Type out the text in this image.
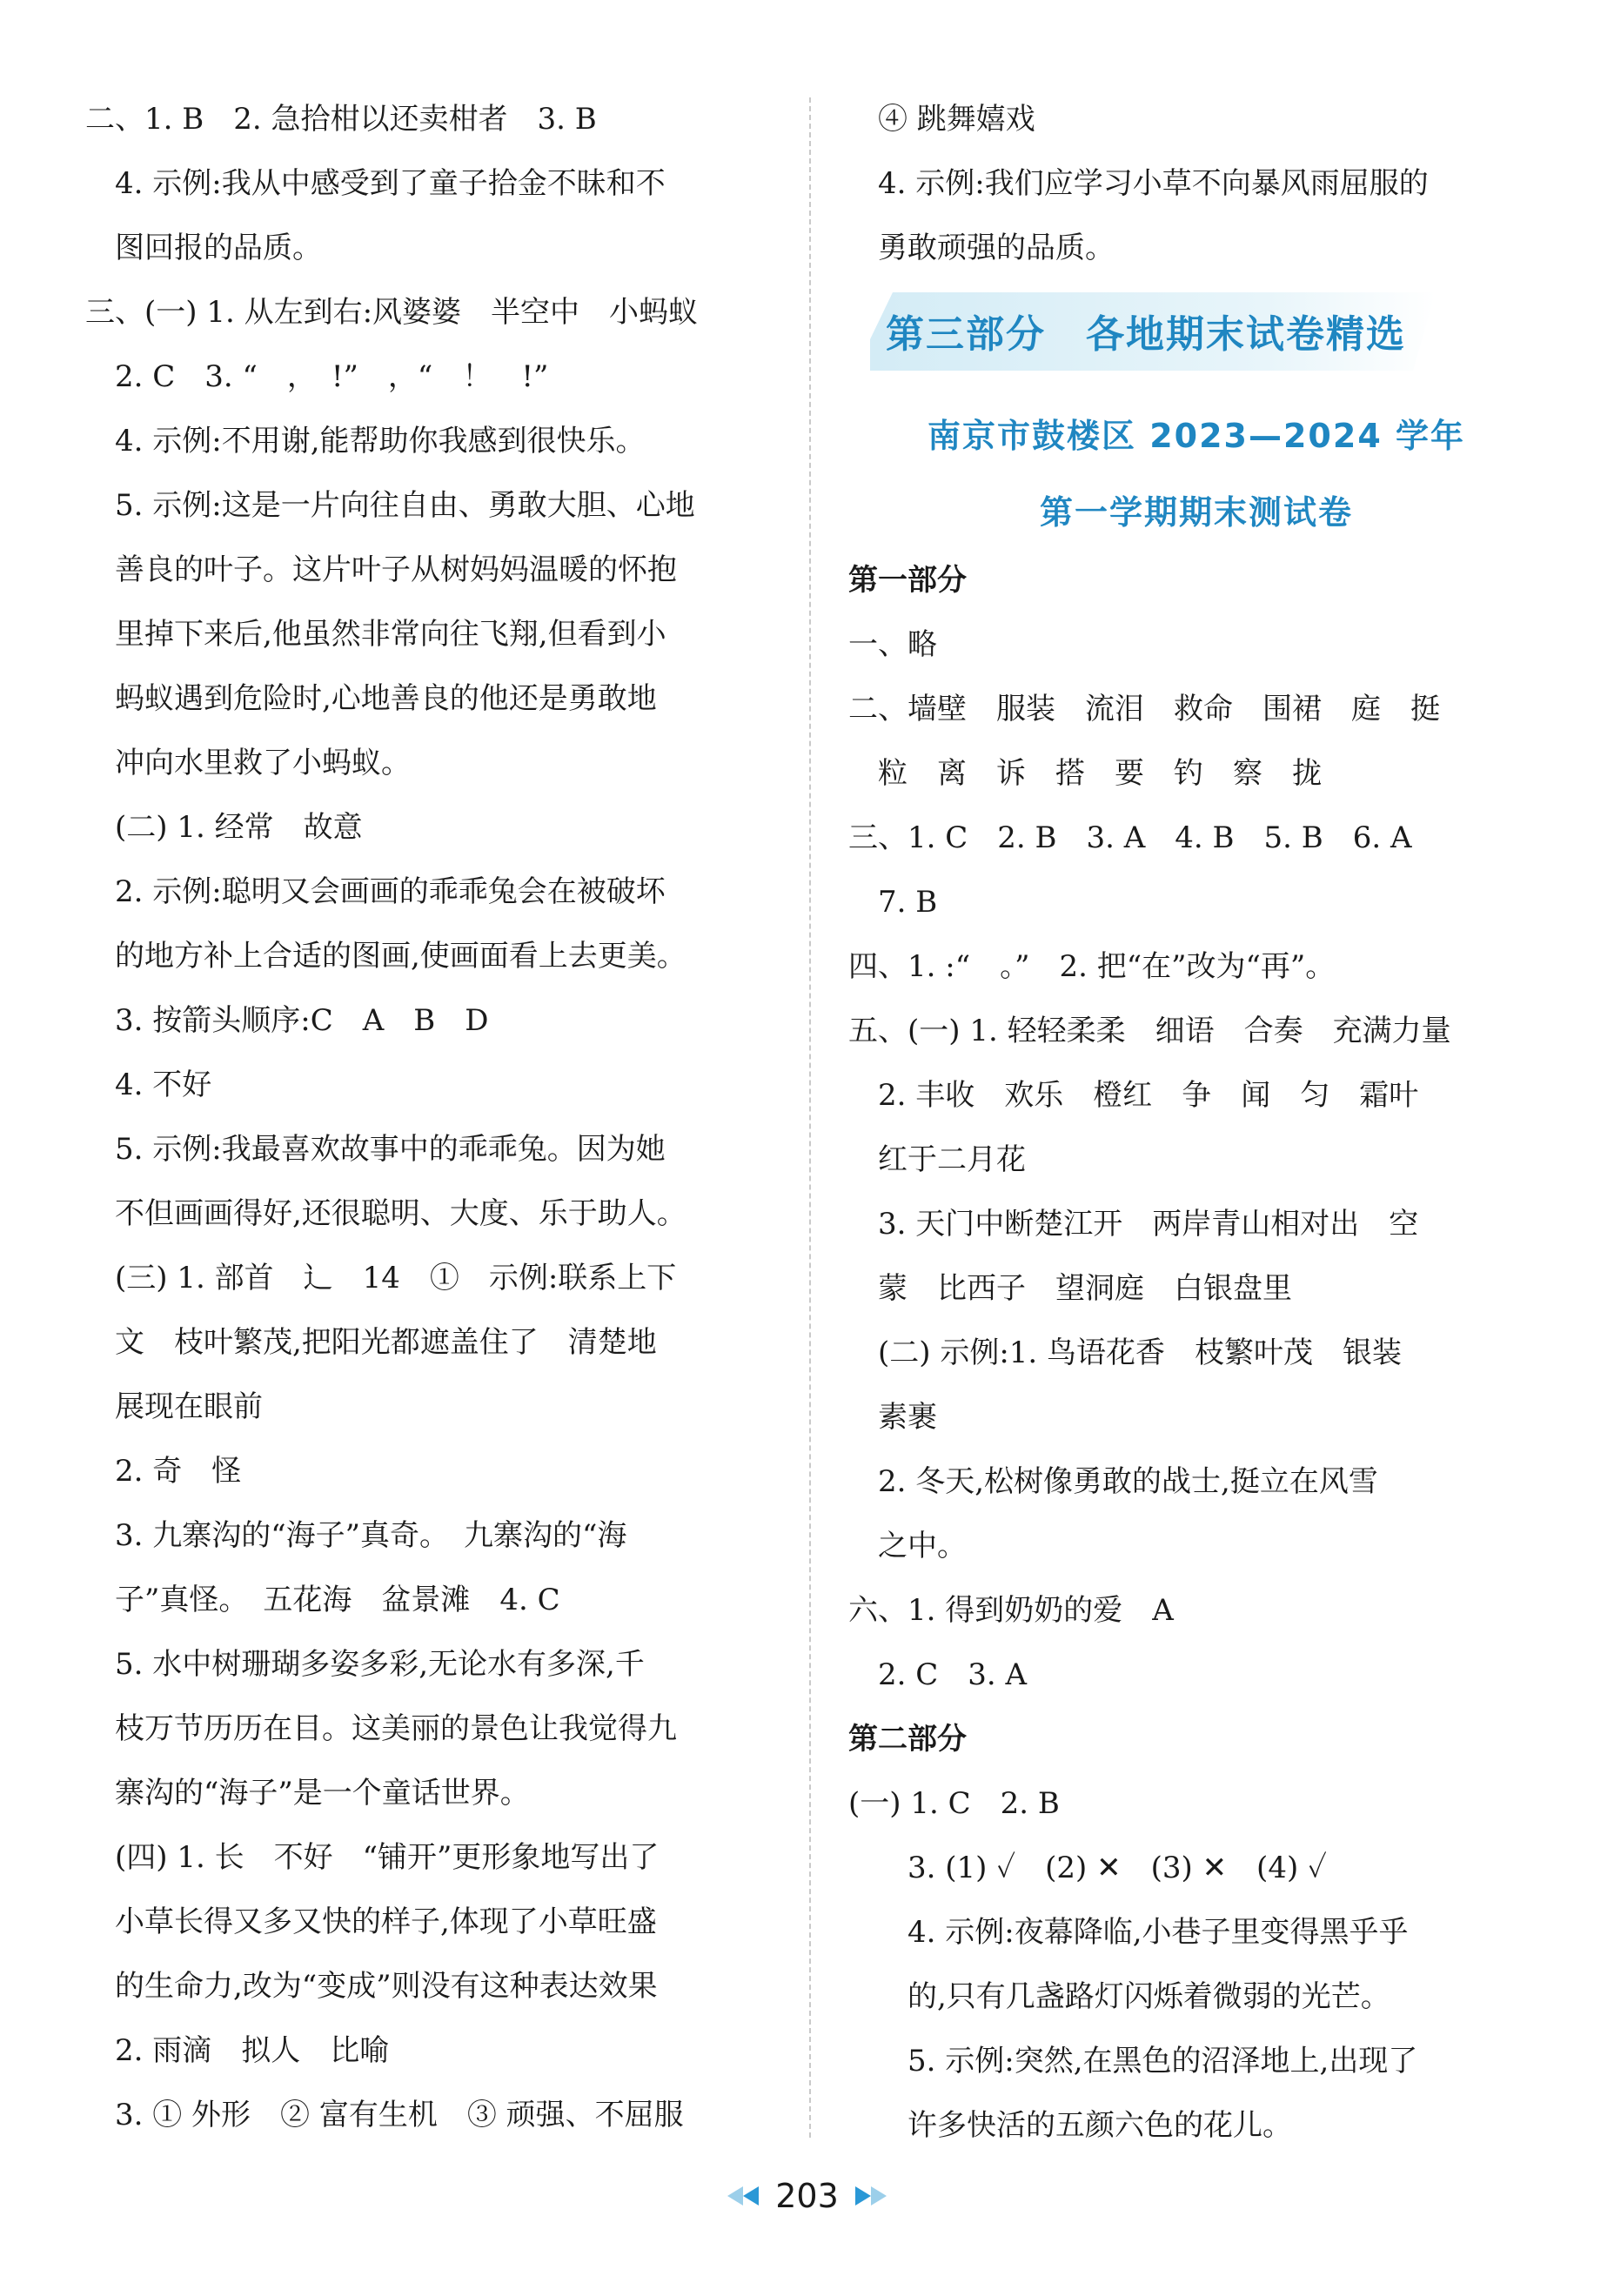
二、1. B　2. 急拾柑以还卖柑者　3. B
　4. 示例:我从中感受到了童子拾金不昧和不
　图回报的品质。
三、(一) 1. 从左到右:风婆婆　半空中　小蚂蚁
　2. C　3. “　，　!”　，“　！　!”
　4. 示例:不用谢,能帮助你我感到很快乐。
　5. 示例:这是一片向往自由、勇敢大胆、心地
　善良的叶子。这片叶子从树妈妈温暖的怀抱
　里掉下来后,他虽然非常向往飞翔,但看到小
　蚂蚁遇到危险时,心地善良的他还是勇敢地
　冲向水里救了小蚂蚁。
　(二) 1. 经常　故意
　2. 示例:聪明又会画画的乖乖兔会在被破坏
　的地方补上合适的图画,使画面看上去更美。
　3. 按箭头顺序:C　A　B　D
　4. 不好
　5. 示例:我最喜欢故事中的乖乖兔。因为她
　不但画画得好,还很聪明、大度、乐于助人。
　(三) 1. 部首　辶　14　①　示例:联系上下
　文　枝叶繁茂,把阳光都遮盖住了　清楚地
　展现在眼前
　2. 奇　怪
　3. 九寨沟的“海子”真奇。　九寨沟的“海
　子”真怪。　五花海　盆景滩　4. C
　5. 水中树珊瑚多姿多彩,无论水有多深,千
　枝万节历历在目。这美丽的景色让我觉得九
　寨沟的“海子”是一个童话世界。
　(四) 1. 长　不好　“铺开”更形象地写出了
　小草长得又多又快的样子,体现了小草旺盛
　的生命力,改为“变成”则没有这种表达效果
　2. 雨滴　拟人　比喻
　3. ① 外形　② 富有生机　③ 顽强、不屈服
　④ 跳舞嬉戏
　4. 示例:我们应学习小草不向暴风雨屈服的
　勇敢顽强的品质。
第三部分　各地期末试卷精选
南京市鼓楼区 2023—2024 学年
第一学期期末测试卷
第一部分
一、略
二、墙壁　服装　流泪　救命　围裙　庭　挺
　粒　离　诉　搭　要　钓　察　拢
三、1. C　2. B　3. A　4. B　5. B　6. A
　7. B
四、1. :“　。”　2. 把“在”改为“再”。
五、(一) 1. 轻轻柔柔　细语　合奏　充满力量
　2. 丰收　欢乐　橙红　争　闻　匀　霜叶
　红于二月花
　3. 天门中断楚江开　两岸青山相对出　空
　蒙　比西子　望洞庭　白银盘里
　(二) 示例:1. 鸟语花香　枝繁叶茂　银装
　素裹
　2. 冬天,松树像勇敢的战士,挺立在风雪
　之中。
六、1. 得到奶奶的爱　A
　2. C　3. A
第二部分
(一) 1. C　2. B
　　3. (1) ✓　(2) ✕　(3) ✕　(4) ✓
　　4. 示例:夜幕降临,小巷子里变得黑乎乎
　　的,只有几盏路灯闪烁着微弱的光芒。
　　5. 示例:突然,在黑色的沼泽地上,出现了
　　许多快活的五颜六色的花儿。
203
